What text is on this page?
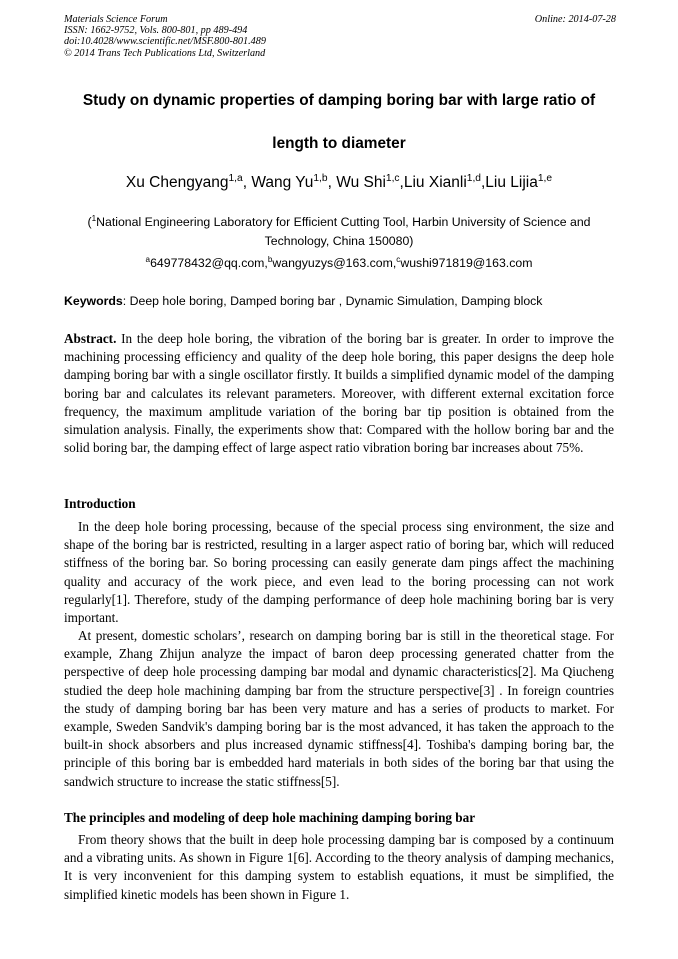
Materials Science Forum
ISSN: 1662-9752, Vols. 800-801, pp 489-494
doi:10.4028/www.scientific.net/MSF.800-801.489
© 2014 Trans Tech Publications Ltd, Switzerland
Online: 2014-07-28
Study on dynamic properties of damping boring bar with large ratio of
length to diameter
Xu Chengyang$^{1,a}$, Wang Yu$^{1,b}$, Wu Shi$^{1,c}$,Liu Xianli$^{1,d}$,Liu Lijia$^{1,e}$
($^1$National Engineering Laboratory for Efficient Cutting Tool, Harbin University of Science and Technology, China 150080)
$^a$649778432@qq.com,$^b$wangyuzys@163.com,$^c$wushi971819@163.com
Keywords: Deep hole boring, Damped boring bar , Dynamic Simulation, Damping block
Abstract. In the deep hole boring, the vibration of the boring bar is greater. In order to improve the machining processing efficiency and quality of the deep hole boring, this paper designs the deep hole damping boring bar with a single oscillator firstly. It builds a simplified dynamic model of the damping boring bar and calculates its relevant parameters. Moreover, with different external excitation force frequency, the maximum amplitude variation of the boring bar tip position is obtained from the simulation analysis. Finally, the experiments show that: Compared with the hollow boring bar and the solid boring bar, the damping effect of large aspect ratio vibration boring bar increases about 75%.
Introduction
In the deep hole boring processing, because of the special process sing environment, the size and shape of the boring bar is restricted, resulting in a larger aspect ratio of boring bar, which will reduced stiffness of the boring bar. So boring processing can easily generate dam pings affect the machining quality and accuracy of the work piece, and even lead to the boring processing can not work regularly[1]. Therefore, study of the damping performance of deep hole machining boring bar is very important.
At present, domestic scholars’, research on damping boring bar is still in the theoretical stage. For example, Zhang Zhijun analyze the impact of baron deep processing generated chatter from the perspective of deep hole processing damping bar modal and dynamic characteristics[2]. Ma Qiucheng studied the deep hole machining damping bar from the structure perspective[3] . In foreign countries the study of damping boring bar has been very mature and has a series of products to market. For example, Sweden Sandvik's damping boring bar is the most advanced, it has taken the approach to the built-in shock absorbers and plus increased dynamic stiffness[4]. Toshiba's damping boring bar, the principle of this boring bar is embedded hard materials in both sides of the boring bar that using the sandwich structure to increase the static stiffness[5].
The principles and modeling of deep hole machining damping boring bar
From theory shows that the built in deep hole processing damping bar is composed by a continuum and a vibrating units. As shown in Figure 1[6]. According to the theory analysis of damping mechanics, It is very inconvenient for this damping system to establish equations, it must be simplified, the simplified kinetic models has been shown in Figure 1.
